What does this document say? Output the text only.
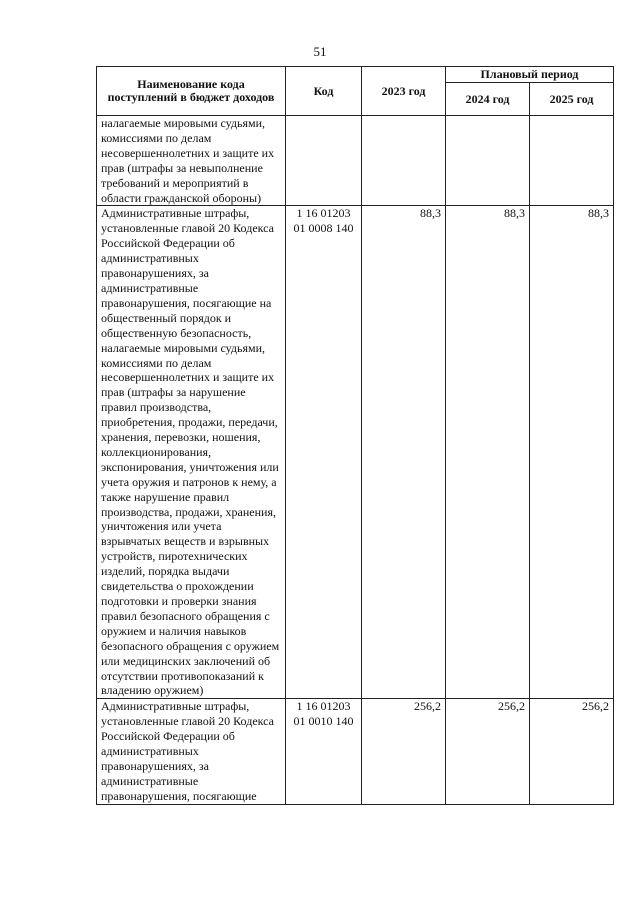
51
Наименование кода поступлений в бюджет доходов	Код	2023 год	Плановый период	
			2024 год	2025 год
налагаемые мировыми судьями, комиссиями по делам несовершеннолетних и защите их прав (штрафы за невыполнение требований и мероприятий в области гражданской обороны)				
Административные штрафы, установленные главой 20 Кодекса Российской Федерации об административных правонарушениях, за административные правонарушения, посягающие на общественный порядок и общественную безопасность, налагаемые мировыми судьями, комиссиями по делам несовершеннолетних и защите их прав (штрафы за нарушение правил производства, приобретения, продажи, передачи, хранения, перевозки, ношения, коллекционирования, экспонирования, уничтожения или учета оружия и патронов к нему, а также нарушение правил производства, продажи, хранения, уничтожения или учета взрывчатых веществ и взрывных устройств, пиротехнических изделий, порядка выдачи свидетельства о прохождении подготовки и проверки знания правил безопасного обращения с оружием и наличия навыков безопасного обращения с оружием или медицинских заключений об отсутствии противопоказаний к владению оружием)	1 16 01203 01 0008 140	88,3	88,3	88,3
Административные штрафы, установленные главой 20 Кодекса Российской Федерации об административных правонарушениях, за административные правонарушения, посягающие	1 16 01203 01 0010 140	256,2	256,2	256,2
